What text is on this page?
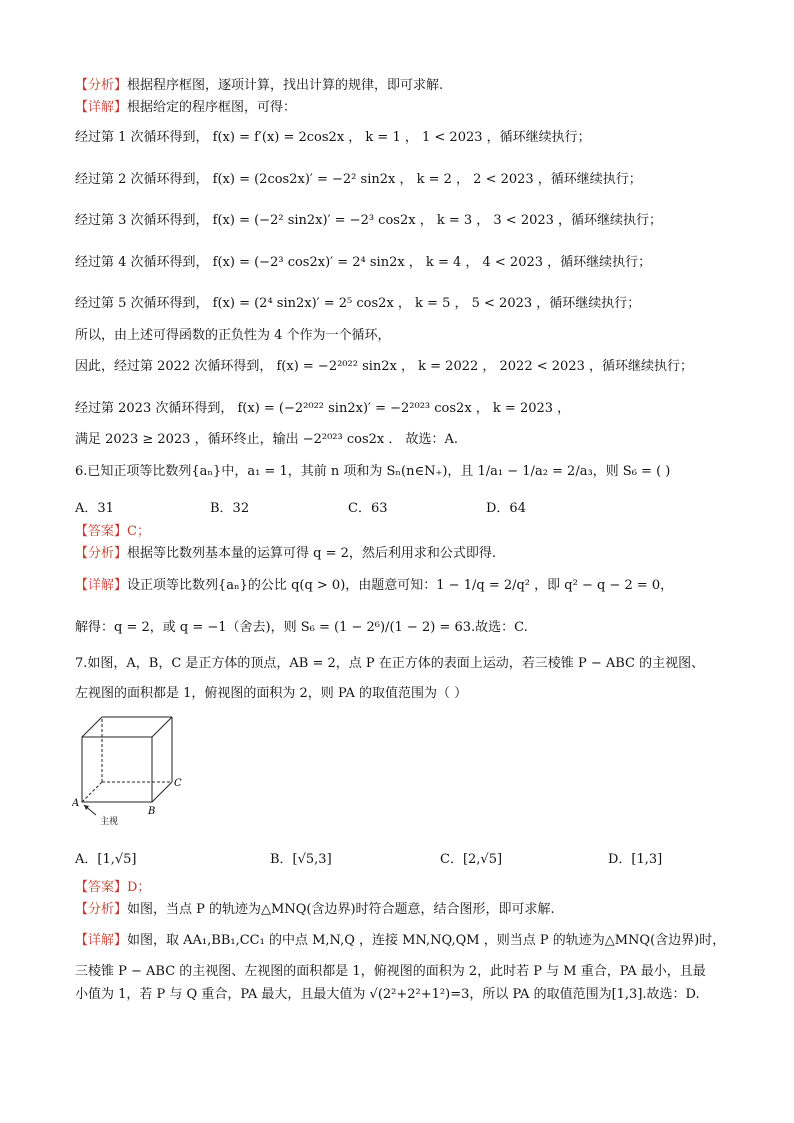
【分析】根据程序框图，逐项计算，找出计算的规律，即可求解.
【详解】根据给定的程序框图，可得：
经过第 1 次循环得到， f(x) = f′(x) = 2cos2x ， k = 1 ， 1 < 2023 ，循环继续执行；
经过第 2 次循环得到， f(x) = (2cos2x)′ = −2² sin2x ， k = 2 ， 2 < 2023 ，循环继续执行；
经过第 3 次循环得到， f(x) = (−2² sin2x)′ = −2³ cos2x ， k = 3 ， 3 < 2023 ，循环继续执行；
经过第 4 次循环得到， f(x) = (−2³ cos2x)′ = 2⁴ sin2x ， k = 4 ， 4 < 2023 ，循环继续执行；
经过第 5 次循环得到， f(x) = (2⁴ sin2x)′ = 2⁵ cos2x ， k = 5 ， 5 < 2023 ，循环继续执行；
所以，由上述可得函数的正负性为 4 个作为一个循环，
因此，经过第 2022 次循环得到， f(x) = −2²⁰²² sin2x ， k = 2022 ， 2022 < 2023 ，循环继续执行；
经过第 2023 次循环得到， f(x) = (−2²⁰²² sin2x)′ = −2²⁰²³ cos2x ， k = 2023 ，
满足 2023 ≥ 2023 ，循环终止，输出 −2²⁰²³ cos2x ． 故选：A.
6.已知正项等比数列{aₙ}中，a₁ = 1，其前 n 项和为 Sₙ(n∈N₊)，且 1/a₁ − 1/a₂ = 2/a₃，则 S₆ = ( )
A．31	B．32	C．63	D．64
【答案】C；
【分析】根据等比数列基本量的运算可得 q = 2，然后利用求和公式即得.
【详解】设正项等比数列{aₙ}的公比 q(q > 0)，由题意可知：1 − 1/q = 2/q² ，即 q² − q − 2 = 0，
解得：q = 2，或 q = −1（舍去)，则 S₆ = (1 − 2⁶)/(1 − 2) = 63.故选：C.
7.如图，A，B，C 是正方体的顶点，AB = 2，点 P 在正方体的表面上运动，若三棱锥 P − ABC 的主视图、
左视图的面积都是 1，俯视图的面积为 2，则 PA 的取值范围为（ ）
A
B
C
主视
A．[1,√5]	B．[√5,3]	C．[2,√5]	D．[1,3]
【答案】D；
【分析】如图，当点 P 的轨迹为△MNQ(含边界)时符合题意，结合图形，即可求解.
【详解】如图，取 AA₁,BB₁,CC₁ 的中点 M,N,Q ，连接 MN,NQ,QM ，则当点 P 的轨迹为△MNQ(含边界)时，
三棱锥 P − ABC 的主视图、左视图的面积都是 1，俯视图的面积为 2，此时若 P 与 M 重合，PA 最小，且最
小值为 1，若 P 与 Q 重合，PA 最大，且最大值为 √(2²+2²+1²)=3，所以 PA 的取值范围为[1,3].故选：D.
